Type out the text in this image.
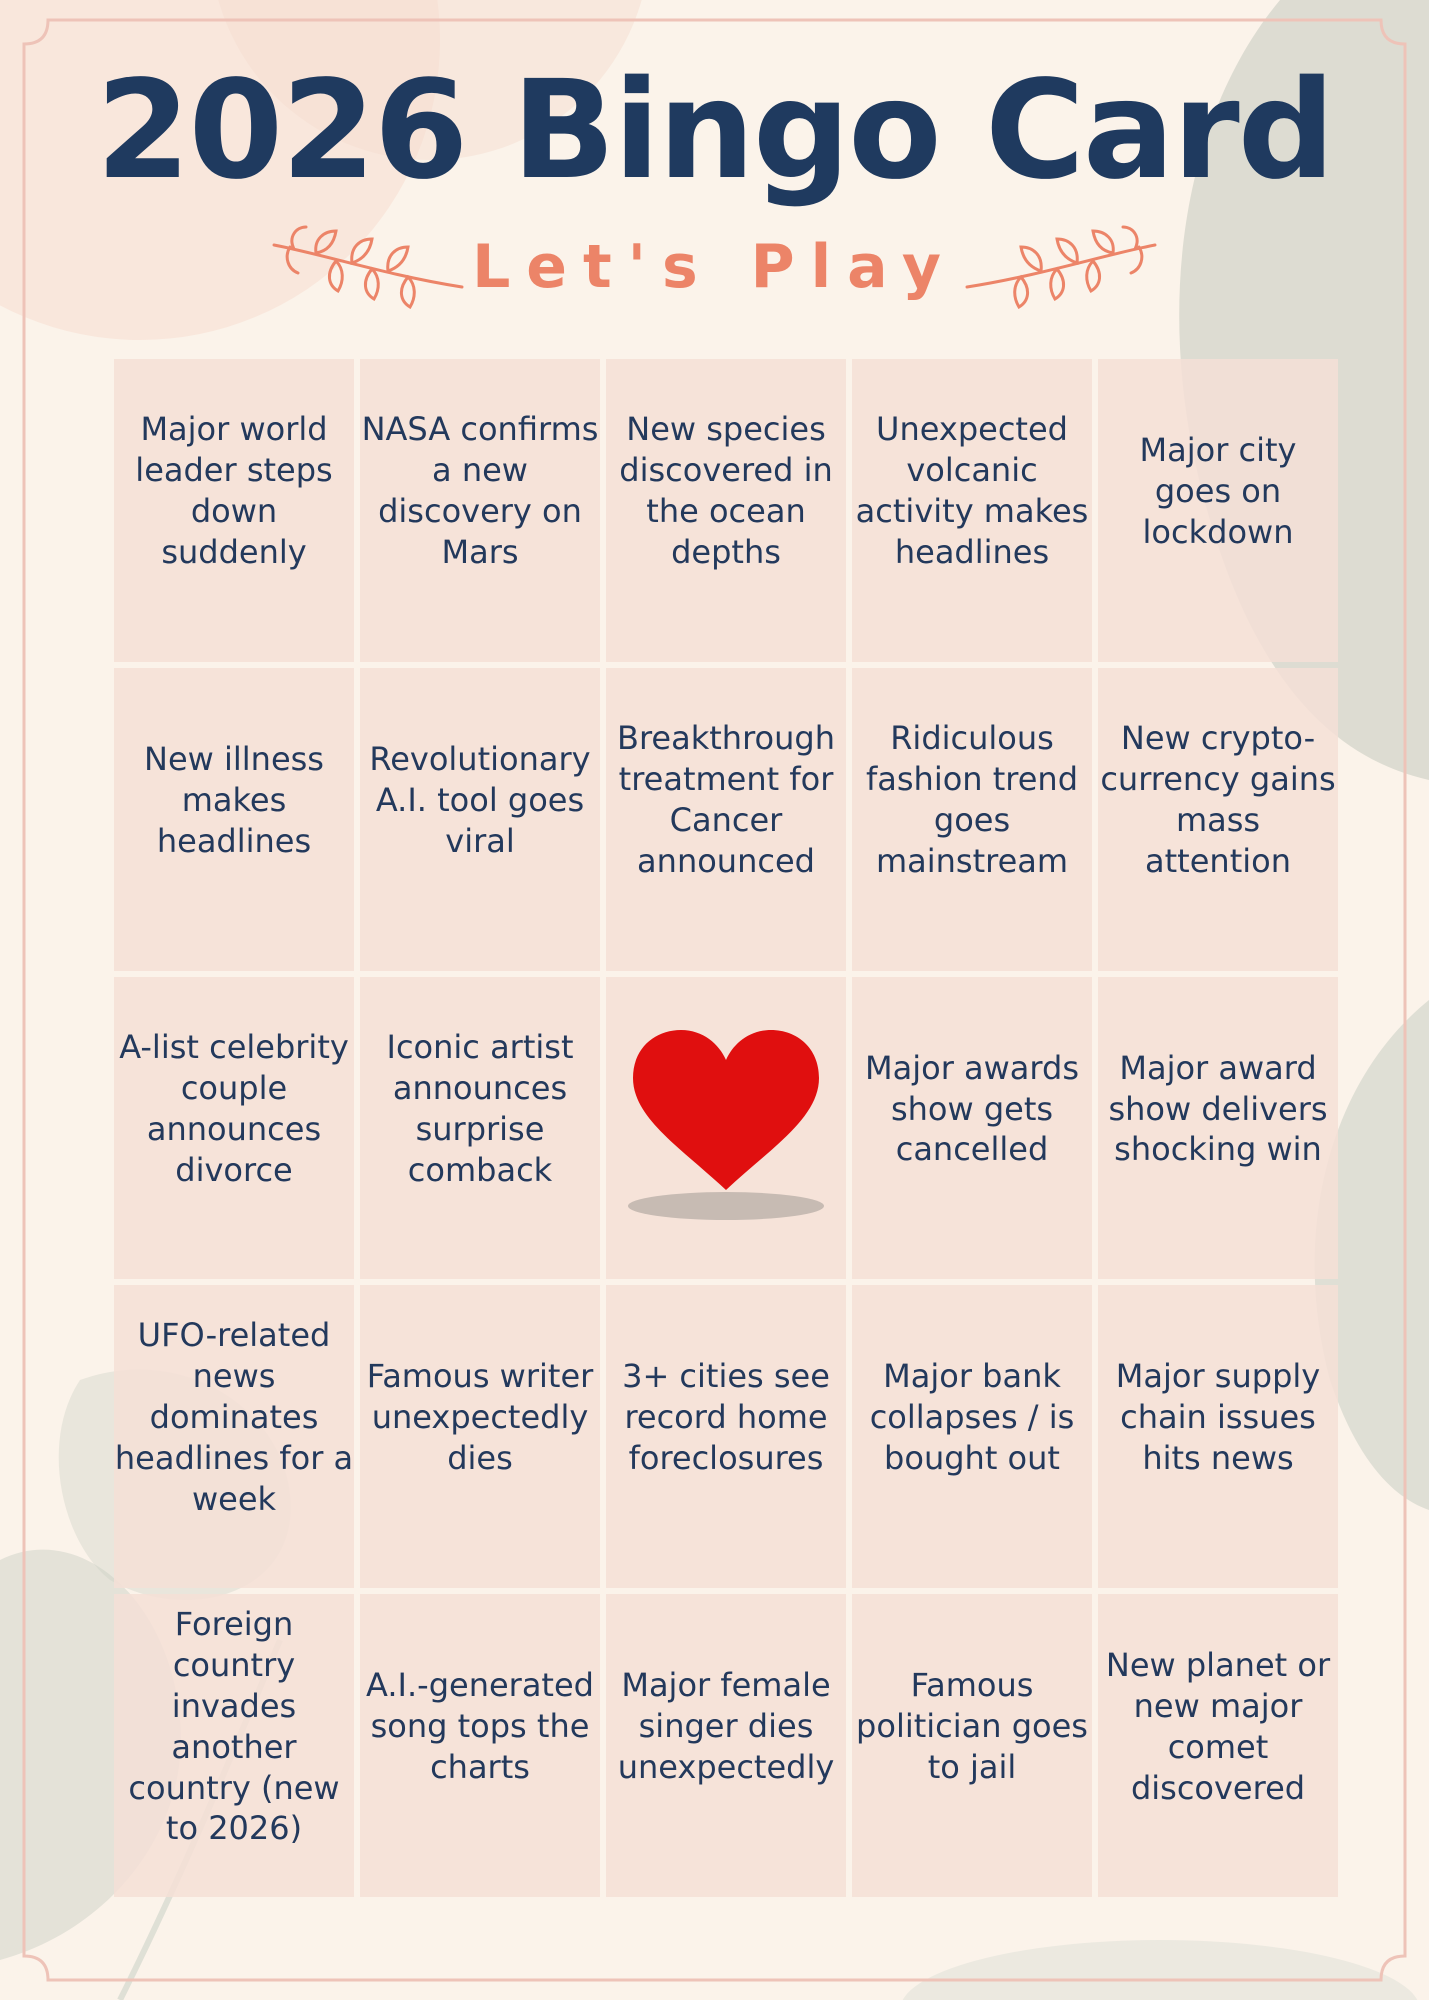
2026 Bingo Card
Let's Play
Major world leader steps down suddenly
NASA confirms a new discovery on Mars
New species discovered in the ocean depths
Unexpected volcanic activity makes headlines
Major city goes on lockdown
New illness makes headlines
Revolutionary A.I. tool goes viral
Breakthrough treatment for Cancer announced
Ridiculous fashion trend goes mainstream
New crypto-currency gains mass attention
A-list celebrity couple announces divorce
Iconic artist announces surprise comback
Major awards show gets cancelled
Major award show delivers shocking win
UFO-related news dominates headlines for a week
Famous writer unexpectedly dies
3+ cities see record home foreclosures
Major bank collapses / is bought out
Major supply chain issues hits news
Foreign country invades another country (new to 2026)
A.I.-generated song tops the charts
Major female singer dies unexpectedly
Famous politician goes to jail
New planet or new major comet discovered
